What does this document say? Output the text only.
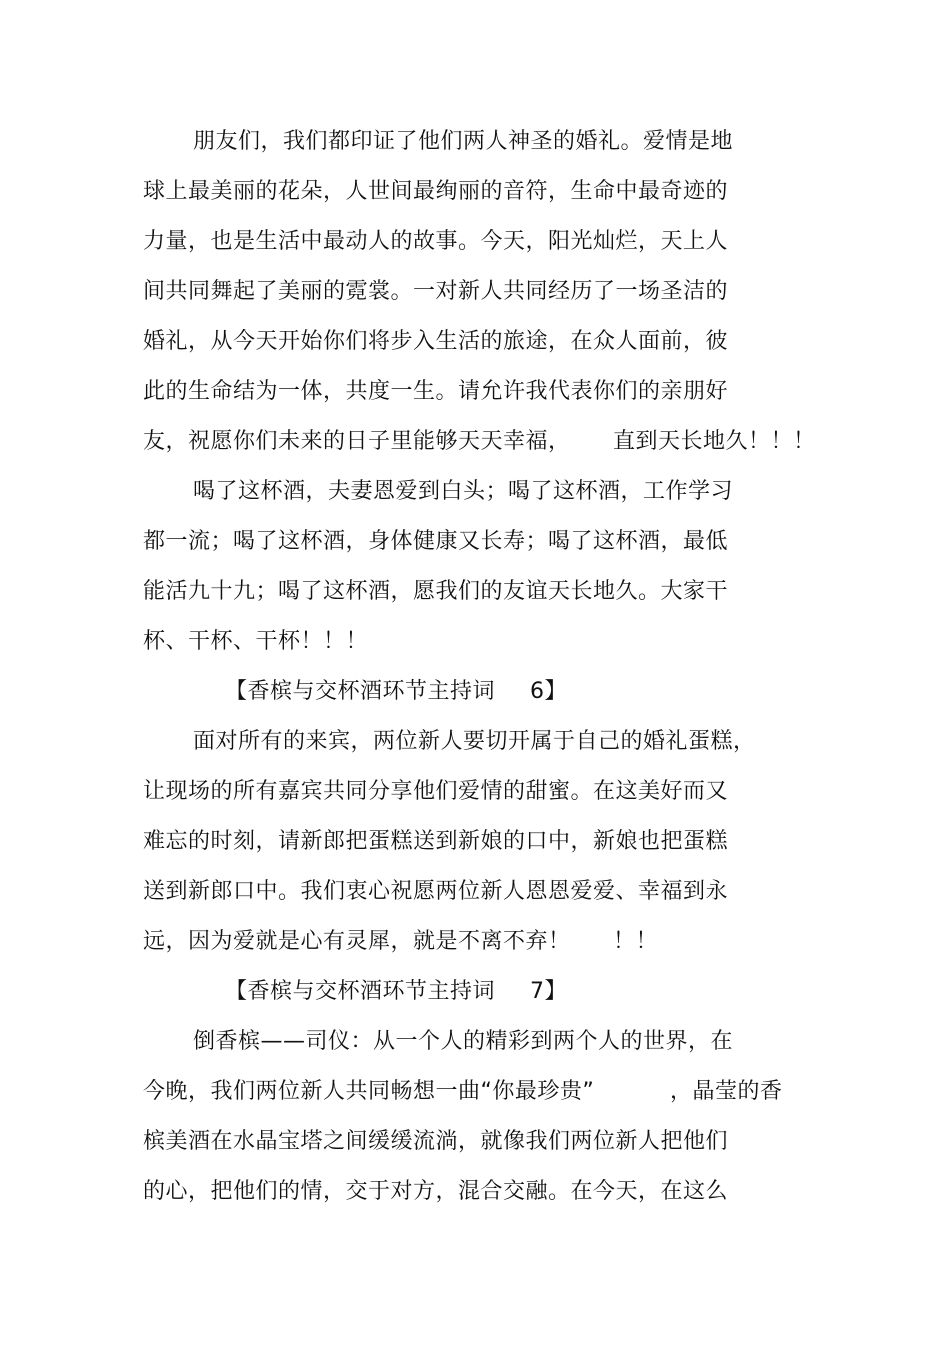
朋友们，我们都印证了他们两人神圣的婚礼。爱情是地
球上最美丽的花朵，人世间最绚丽的音符，生命中最奇迹的
力量，也是生活中最动人的故事。今天，阳光灿烂，天上人
间共同舞起了美丽的霓裳。一对新人共同经历了一场圣洁的
婚礼，从今天开始你们将步入生活的旅途，在众人面前，彼
此的生命结为一体，共度一生。请允许我代表你们的亲朋好
友，祝愿你们未来的日子里能够天天幸福， 直到天长地久！！！
喝了这杯酒，夫妻恩爱到白头；喝了这杯酒，工作学习
都一流；喝了这杯酒，身体健康又长寿；喝了这杯酒，最低
能活九十九；喝了这杯酒，愿我们的友谊天长地久。大家干
杯、干杯、干杯！！！
【香槟与交杯酒环节主持词 6】
面对所有的来宾，两位新人要切开属于自己的婚礼蛋糕，
让现场的所有嘉宾共同分享他们爱情的甜蜜。在这美好而又
难忘的时刻，请新郎把蛋糕送到新娘的口中，新娘也把蛋糕
送到新郎口中。我们衷心祝愿两位新人恩恩爱爱、幸福到永
远，因为爱就是心有灵犀，就是不离不弃！ ！！
【香槟与交杯酒环节主持词 7】
倒香槟——司仪：从一个人的精彩到两个人的世界，在
今晚，我们两位新人共同畅想一曲“你最珍贵”	，晶莹的香
槟美酒在水晶宝塔之间缓缓流淌，就像我们两位新人把他们
的心，把他们的情，交于对方，混合交融。在今天，在这么
